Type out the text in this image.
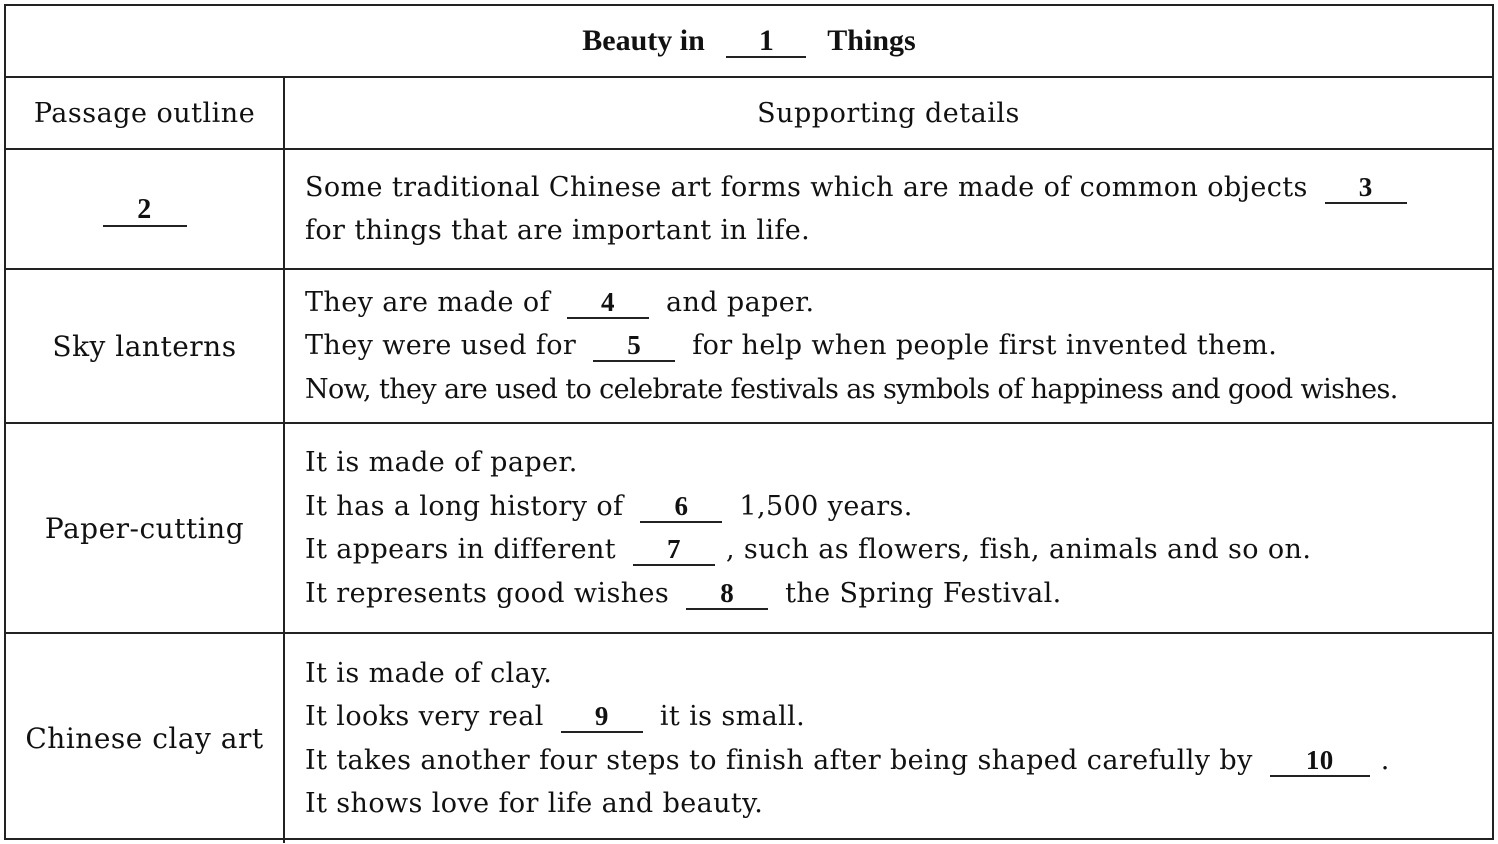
Beauty in 1 Things	
Passage outline	Supporting details
2	Some traditional Chinese art forms which are made of common objects 3
for things that are important in life.

Sky lanterns	They are made of 4 and paper.
They were used for 5 for help when people first invented them.
Now, they are used to celebrate festivals as symbols of happiness and good wishes.

Paper-cutting	It is made of paper.
It has a long history of 6 1,500 years.
It appears in different 7 , such as flowers, fish, animals and so on.
It represents good wishes 8 the Spring Festival.

Chinese clay art	It is made of clay.
It looks very real 9 it is small.
It takes another four steps to finish after being shaped carefully by 10 .
It shows love for life and beauty.
